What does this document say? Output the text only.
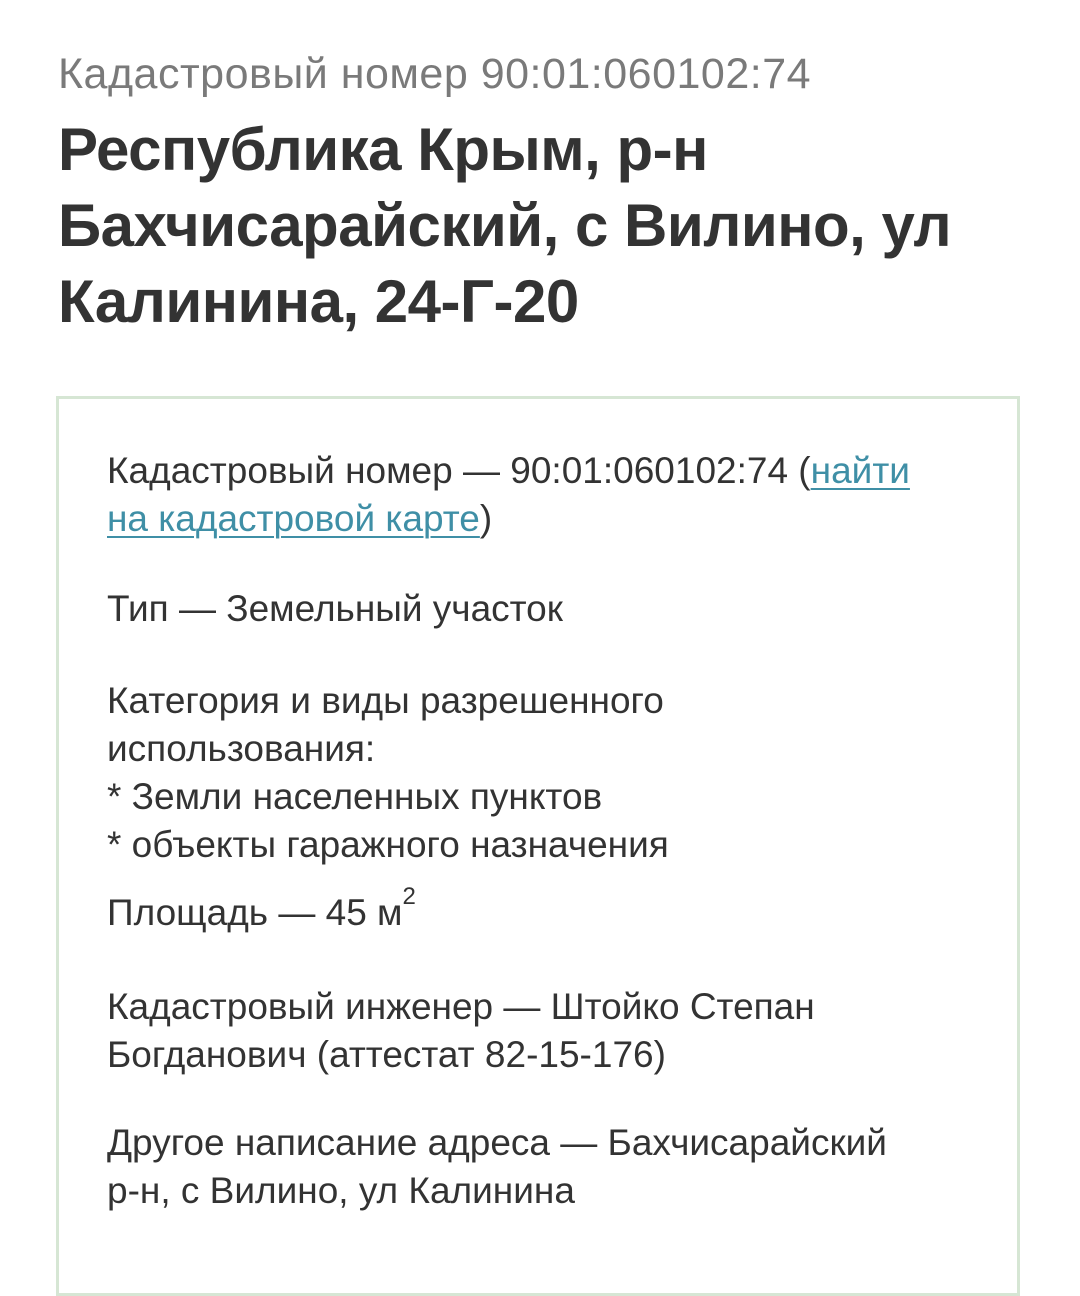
Кадастровый номер 90:01:060102:74
Республика Крым, р-н
Бахчисарайский, с Вилино, ул
Калинина, 24-Г-20
Кадастровый номер — 90:01:060102:74 (найти
на кадастровой карте)
Тип — Земельный участок
Категория и виды разрешенного
использования:
* Земли населенных пунктов
* объекты гаражного назначения
Площадь — 45 $м^2$
Кадастровый инженер — Штойко Степан
Богданович (аттестат 82-15-176)
Другое написание адреса — Бахчисарайский
р-н, с Вилино, ул Калинина
